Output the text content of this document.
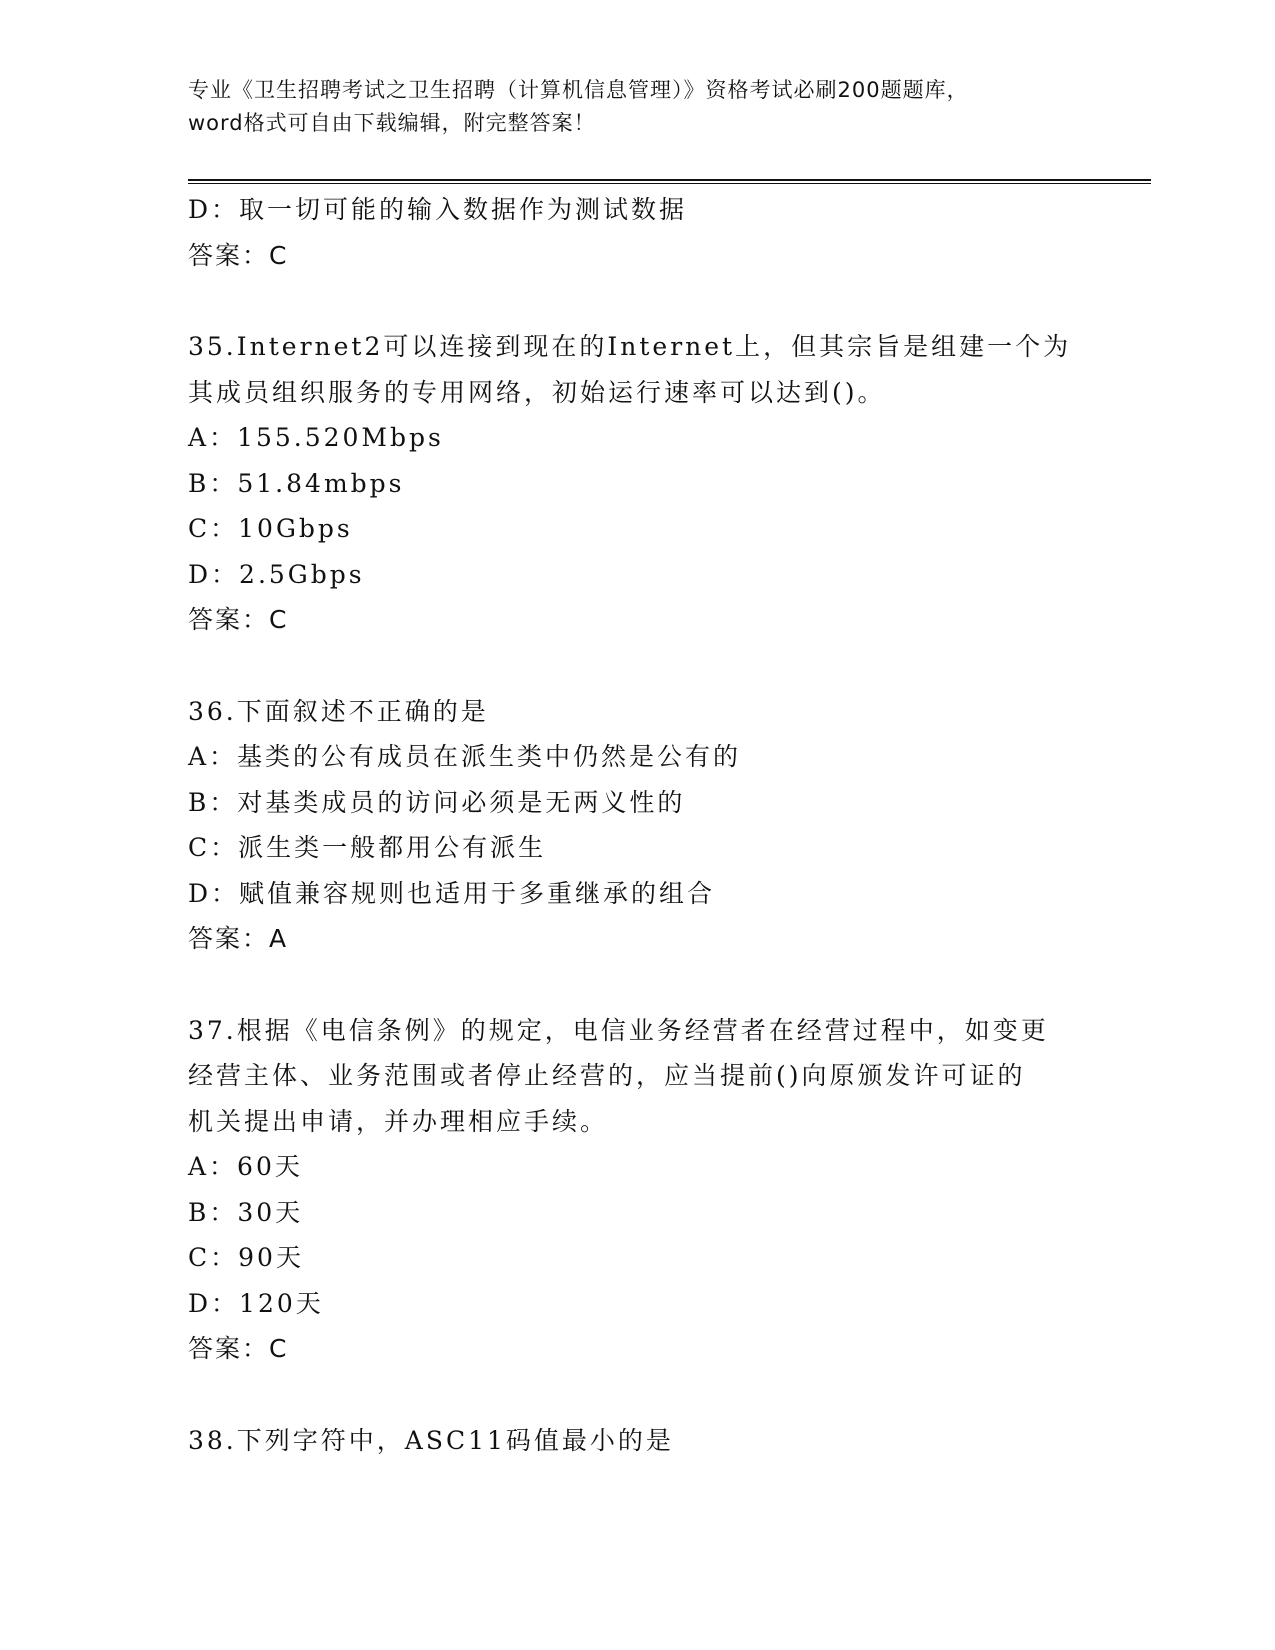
专业《卫生招聘考试之卫生招聘（计算机信息管理）》资格考试必刷200题题库，
word格式可自由下载编辑，附完整答案！
D：取一切可能的输入数据作为测试数据
答案：C
35.Internet2可以连接到现在的Internet上，但其宗旨是组建一个为
其成员组织服务的专用网络，初始运行速率可以达到()。
A：155.520Mbps
B：51.84mbps
C：10Gbps
D：2.5Gbps
答案：C
36.下面叙述不正确的是
A：基类的公有成员在派生类中仍然是公有的
B：对基类成员的访问必须是无两义性的
C：派生类一般都用公有派生
D：赋值兼容规则也适用于多重继承的组合
答案：A
37.根据《电信条例》的规定，电信业务经营者在经营过程中，如变更
经营主体、业务范围或者停止经营的，应当提前()向原颁发许可证的
机关提出申请，并办理相应手续。
A：60天
B：30天
C：90天
D：120天
答案：C
38.下列字符中，ASC11码值最小的是
